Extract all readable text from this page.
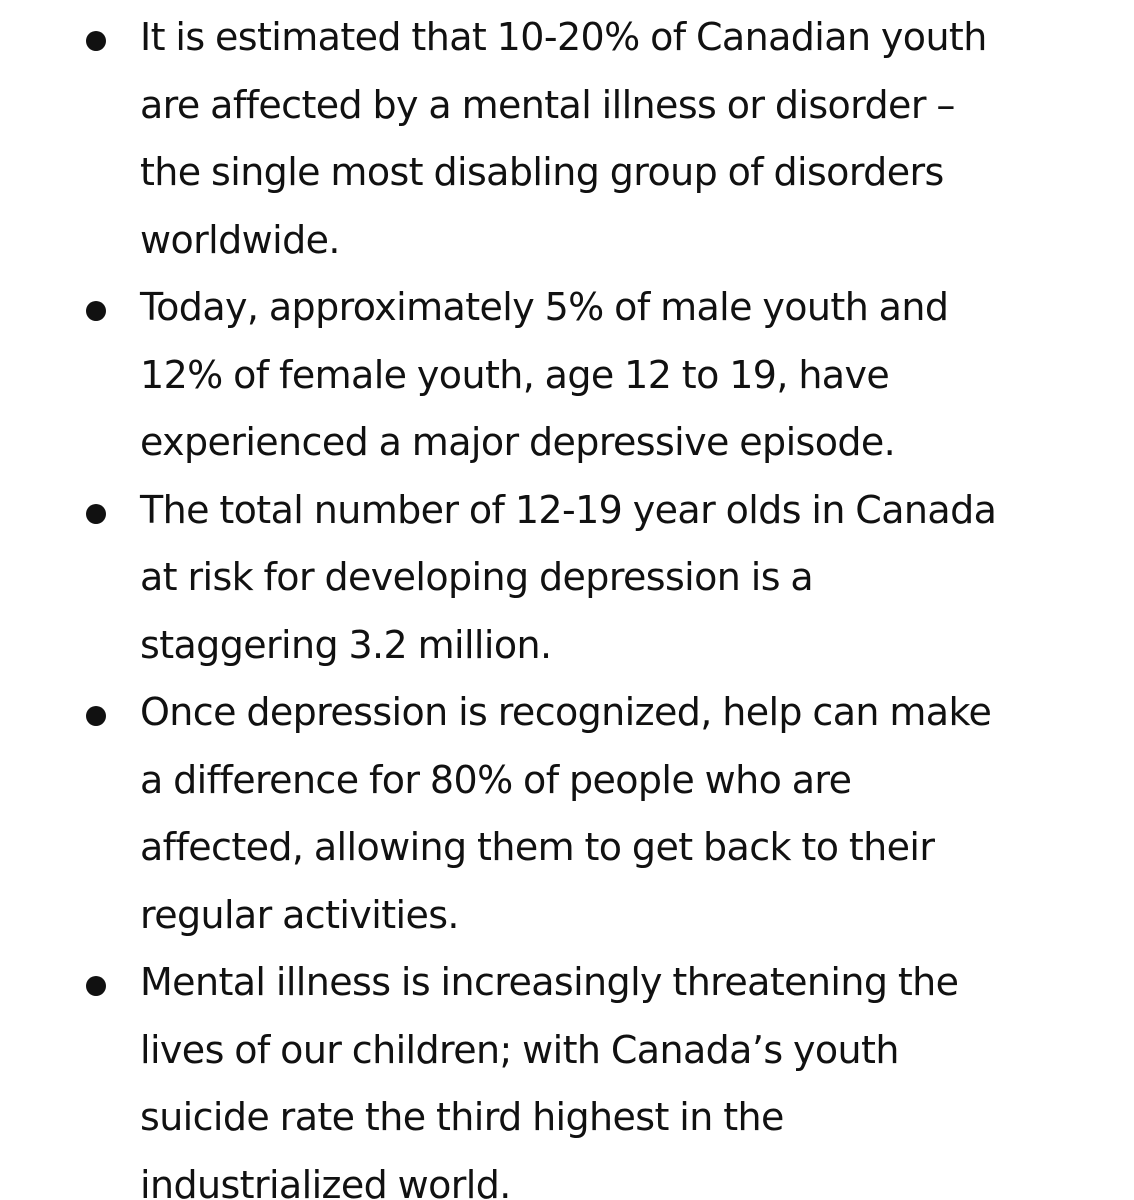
It is estimated that 10-20% of Canadian youth
are affected by a mental illness or disorder –
the single most disabling group of disorders
worldwide.
Today, approximately 5% of male youth and
12% of female youth, age 12 to 19, have
experienced a major depressive episode.
The total number of 12-19 year olds in Canada
at risk for developing depression is a
staggering 3.2 million.
Once depression is recognized, help can make
a difference for 80% of people who are
affected, allowing them to get back to their
regular activities.
Mental illness is increasingly threatening the
lives of our children; with Canada’s youth
suicide rate the third highest in the
industrialized world.
